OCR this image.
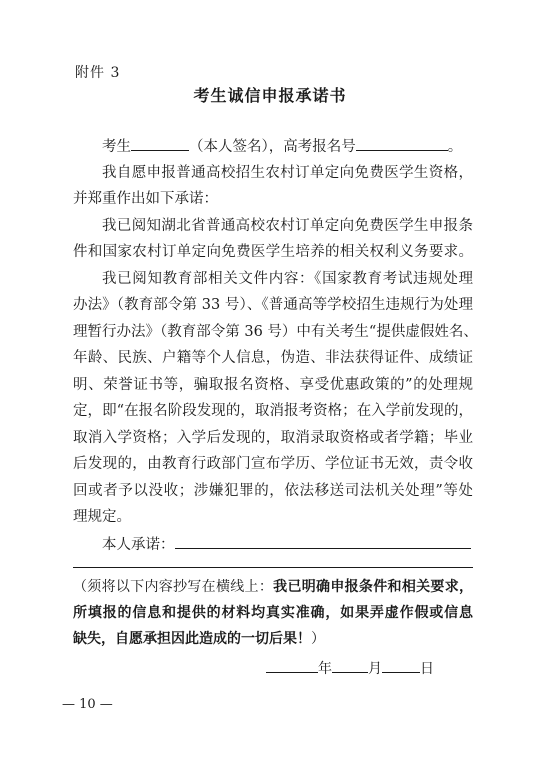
附件 3
考生诚信申报承诺书
考生	（本人签名），高考报名号	。
我自愿申报普通高校招生农村订单定向免费医学生资格，
并郑重作出如下承诺：
我已阅知湖北省普通高校农村订单定向免费医学生申报条
件和国家农村订单定向免费医学生培养的相关权利义务要求。
我已阅知教育部相关文件内容：《国家教育考试违规处理
办法》（教育部令第 33 号）、《普通高等学校招生违规行为处理
理暂行办法》（教育部令第 36 号）中有关考生“提供虚假姓名、
年龄、民族、户籍等个人信息，伪造、非法获得证件、成绩证
明、荣誉证书等，骗取报名资格、享受优惠政策的”的处理规
定，即“在报名阶段发现的，取消报考资格；在入学前发现的，
取消入学资格；入学后发现的，取消录取资格或者学籍；毕业
后发现的，由教育行政部门宣布学历、学位证书无效，责令收
回或者予以没收；涉嫌犯罪的，依法移送司法机关处理”等处
理规定。
本人承诺：
（须将以下内容抄写在横线上：我已明确申报条件和相关要求，
所填报的信息和提供的材料均真实准确，如果弄虚作假或信息
缺失，自愿承担因此造成的一切后果！）
年	月	日
— 10 —
